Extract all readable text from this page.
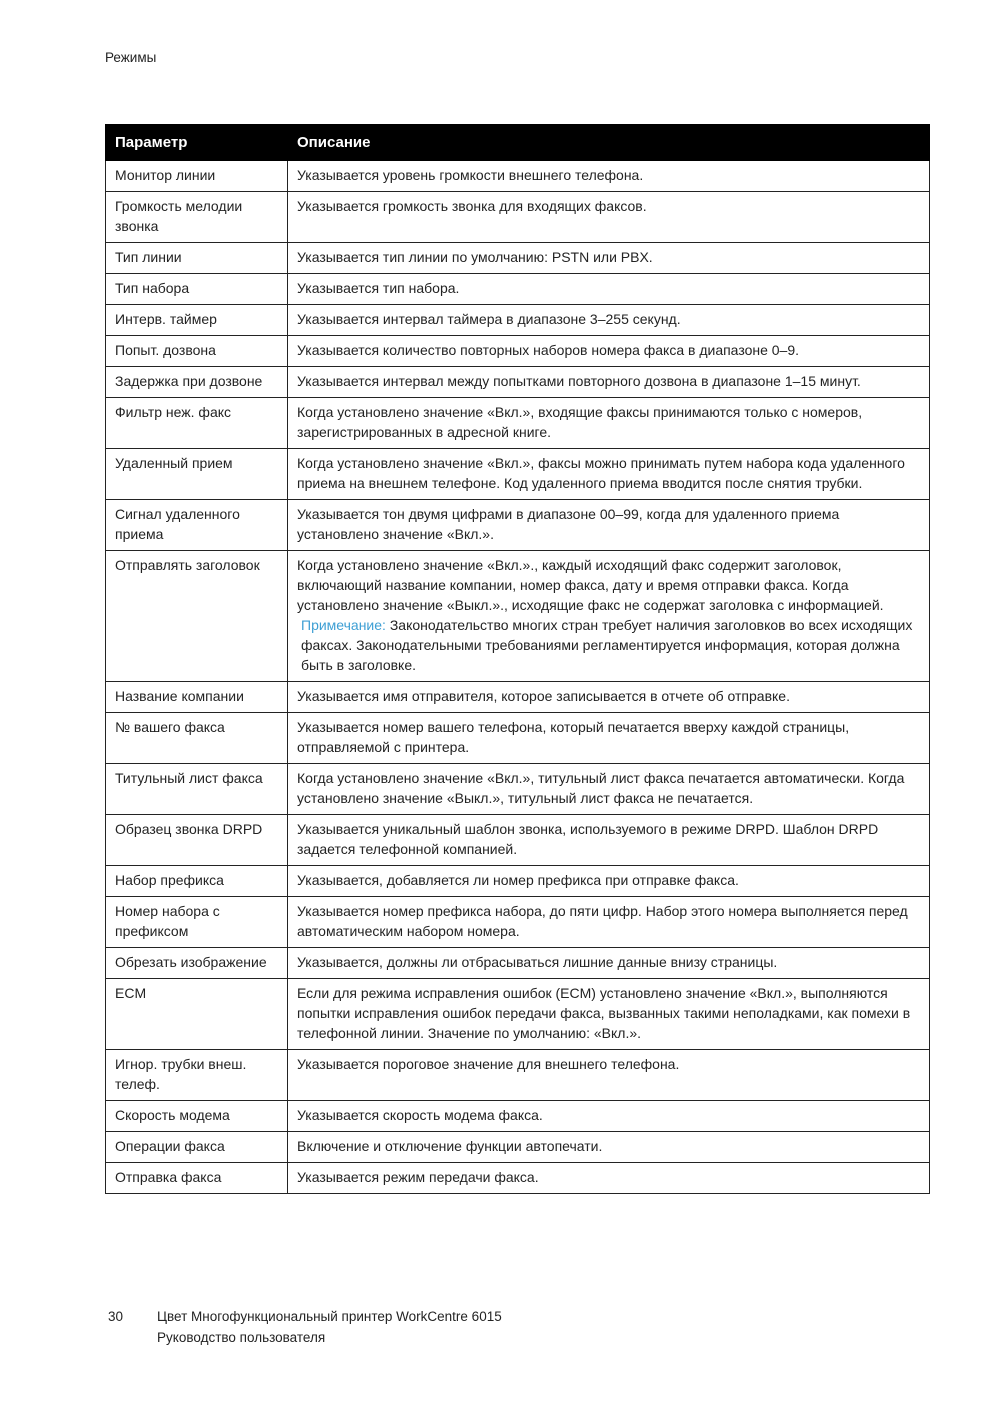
Режимы
Параметр	Описание
Монитор линии	Указывается уровень громкости внешнего телефона.
Громкость мелодии звонка	Указывается громкость звонка для входящих факсов.
Тип линии	Указывается тип линии по умолчанию: PSTN или PBX.
Тип набора	Указывается тип набора.
Интерв. таймер	Указывается интервал таймера в диапазоне 3–255 секунд.
Попыт. дозвона	Указывается количество повторных наборов номера факса в диапазоне 0–9.
Задержка при дозвоне	Указывается интервал между попытками повторного дозвона в диапазоне 1–15 минут.
Фильтр неж. факс	Когда установлено значение «Вкл.», входящие факсы принимаются только с номеров, зарегистрированных в адресной книге.
Удаленный прием	Когда установлено значение «Вкл.», факсы можно принимать путем набора кода удаленного приема на внешнем телефоне. Код удаленного приема вводится после снятия трубки.
Сигнал удаленного приема	Указывается тон двумя цифрами в диапазоне 00–99, когда для удаленного приема установлено значение «Вкл.».
Отправлять заголовок	Когда установлено значение «Вкл.»., каждый исходящий факс содержит заголовок, включающий название компании, номер факса, дату и время отправки факса. Когда установлено значение «Выкл.»., исходящие факс не содержат заголовка с информацией.

Примечание: Законодательство многих стран требует наличия заголовков во всех исходящих факсах. Законодательными требованиями регламентируется информация, которая должна быть в заголовке.

Название компании	Указывается имя отправителя, которое записывается в отчете об отправке.
№ вашего факса	Указывается номер вашего телефона, который печатается вверху каждой страницы, отправляемой с принтера.
Титульный лист факса	Когда установлено значение «Вкл.», титульный лист факса печатается автоматически. Когда установлено значение «Выкл.», титульный лист факса не печатается.
Образец звонка DRPD	Указывается уникальный шаблон звонка, используемого в режиме DRPD. Шаблон DRPD задается телефонной компанией.
Набор префикса	Указывается, добавляется ли номер префикса при отправке факса.
Номер набора с префиксом	Указывается номер префикса набора, до пяти цифр. Набор этого номера выполняется перед автоматическим набором номера.
Обрезать изображение	Указывается, должны ли отбрасываться лишние данные внизу страницы.
ECM	Если для режима исправления ошибок (ECM) установлено значение «Вкл.», выполняются попытки исправления ошибок передачи факса, вызванных такими неполадками, как помехи в телефонной линии. Значение по умолчанию: «Вкл.».
Игнор. трубки внеш. телеф.	Указывается пороговое значение для внешнего телефона.
Скорость модема	Указывается скорость модема факса.
Операции факса	Включение и отключение функции автопечати.
Отправка факса	Указывается режим передачи факса.
30	Цвет Многофункциональный принтер WorkCentre 6015
Руководство пользователя
